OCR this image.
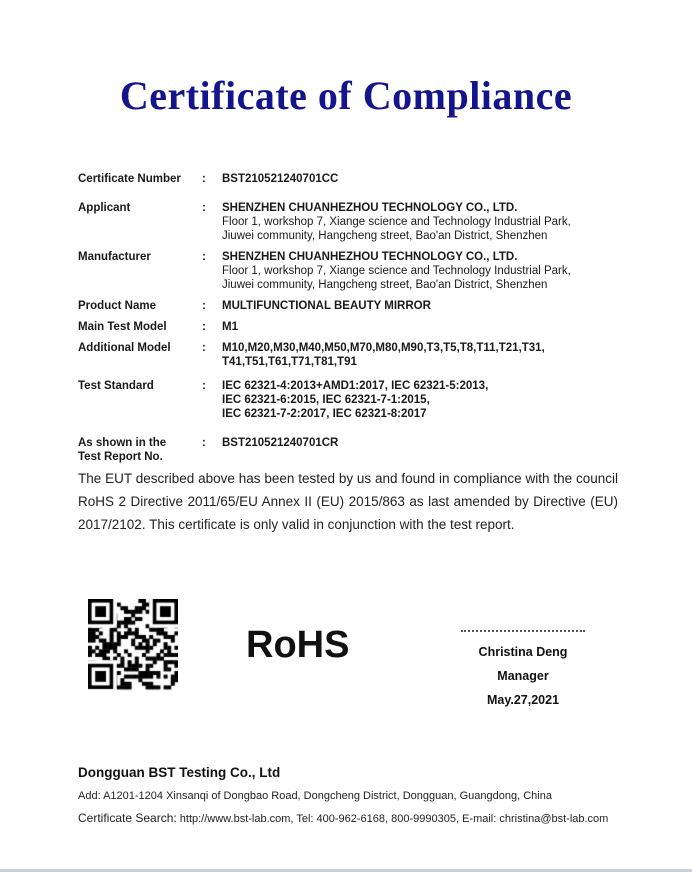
Certificate of Compliance
Certificate Number	:	BST210521240701CC
Applicant	:	SHENZHEN CHUANHEZHOU TECHNOLOGY CO., LTD.
Floor 1, workshop 7, Xiange science and Technology Industrial Park,
Jiuwei community, Hangcheng street, Bao'an District, Shenzhen
Manufacturer	:	SHENZHEN CHUANHEZHOU TECHNOLOGY CO., LTD.
Floor 1, workshop 7, Xiange science and Technology Industrial Park,
Jiuwei community, Hangcheng street, Bao'an District, Shenzhen
Product Name	:	MULTIFUNCTIONAL BEAUTY MIRROR
Main Test Model	:	M1
Additional Model	:	M10,M20,M30,M40,M50,M70,M80,M90,T3,T5,T8,T11,T21,T31,
T41,T51,T61,T71,T81,T91
Test Standard	:	IEC 62321-4:2013+AMD1:2017, IEC 62321-5:2013,
IEC 62321-6:2015, IEC 62321-7-1:2015,
IEC 62321-7-2:2017, IEC 62321-8:2017
As shown in the
Test Report No.
:	BST210521240701CR
The EUT described above has been tested by us and found in compliance with the council RoHS 2 Directive 2011/65/EU Annex II (EU) 2015/863 as last amended by Directive (EU) 2017/2102. This certificate is only valid in conjunction with the test report.
RoHS	Christina Deng
Manager
May.27,2021
Dongguan BST Testing Co., Ltd
Add: A1201-1204 Xinsanqi of Dongbao Road, Dongcheng District, Dongguan, Guangdong, China
Certificate Search: http://www.bst-lab.com, Tel: 400-962-6168, 800-9990305, E-mail: christina@bst-lab.com
